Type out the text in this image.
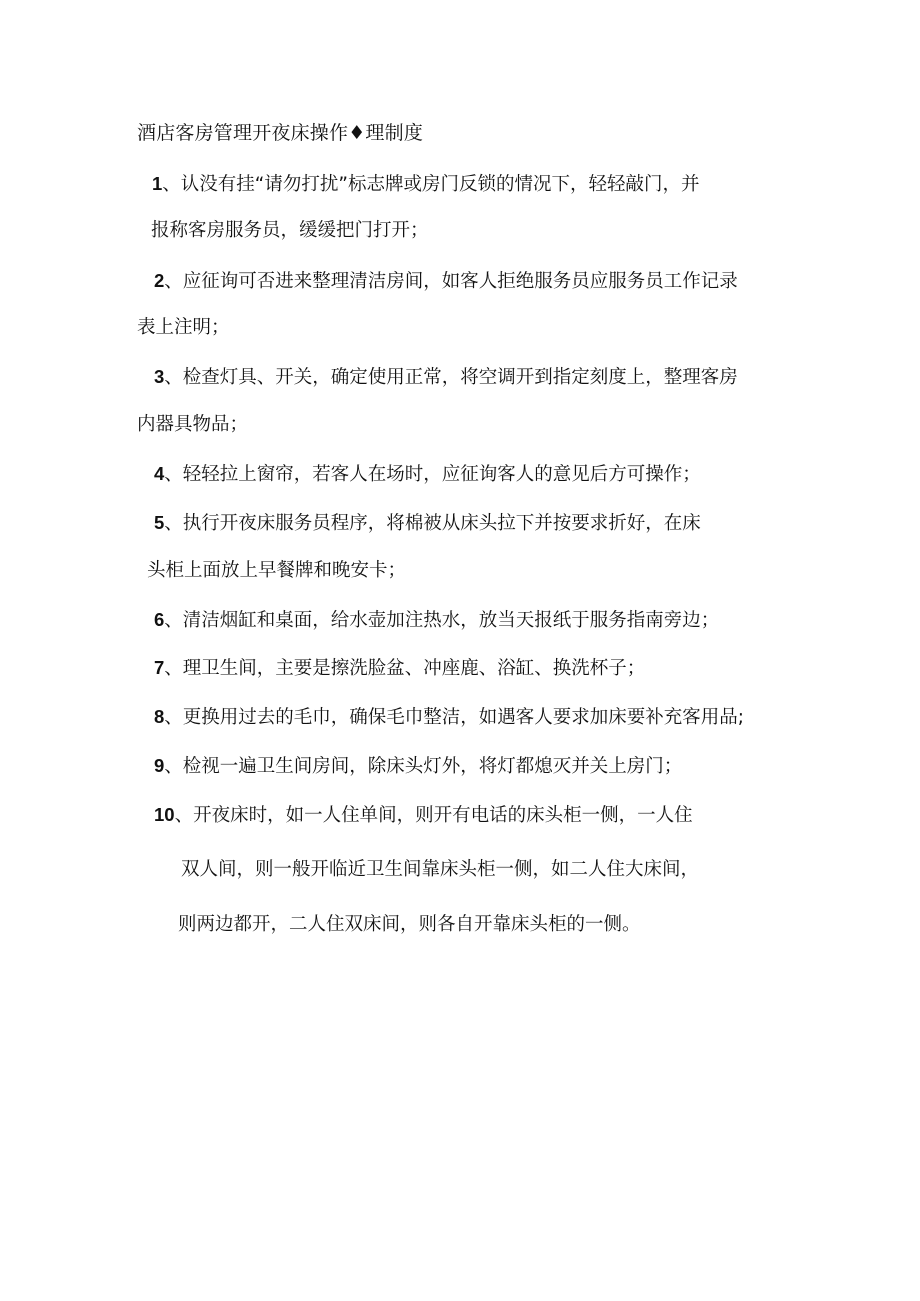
酒店客房管理开夜床操作♦理制度
1、认没有挂“请勿打扰”标志牌或房门反锁的情况下，轻轻敲门，并
报称客房服务员，缓缓把门打开；
2、应征询可否进来整理清洁房间，如客人拒绝服务员应服务员工作记录
表上注明；
3、检查灯具、开关，确定使用正常，将空调开到指定刻度上，整理客房
内器具物品；
4、轻轻拉上窗帘，若客人在场时，应征询客人的意见后方可操作；
5、执行开夜床服务员程序，将棉被从床头拉下并按要求折好，在床
头柜上面放上早餐牌和晚安卡；
6、清洁烟缸和桌面，给水壶加注热水，放当天报纸于服务指南旁边；
7、理卫生间，主要是擦洗脸盆、冲座鹿、浴缸、换洗杯子；
8、更换用过去的毛巾，确保毛巾整洁，如遇客人要求加床要补充客用品;
9、检视一遍卫生间房间，除床头灯外，将灯都熄灭并关上房门；
10、开夜床时，如一人住单间，则开有电话的床头柜一侧，一人住
双人间，则一般开临近卫生间靠床头柜一侧，如二人住大床间，
则两边都开，二人住双床间，则各自开靠床头柜的一侧。
